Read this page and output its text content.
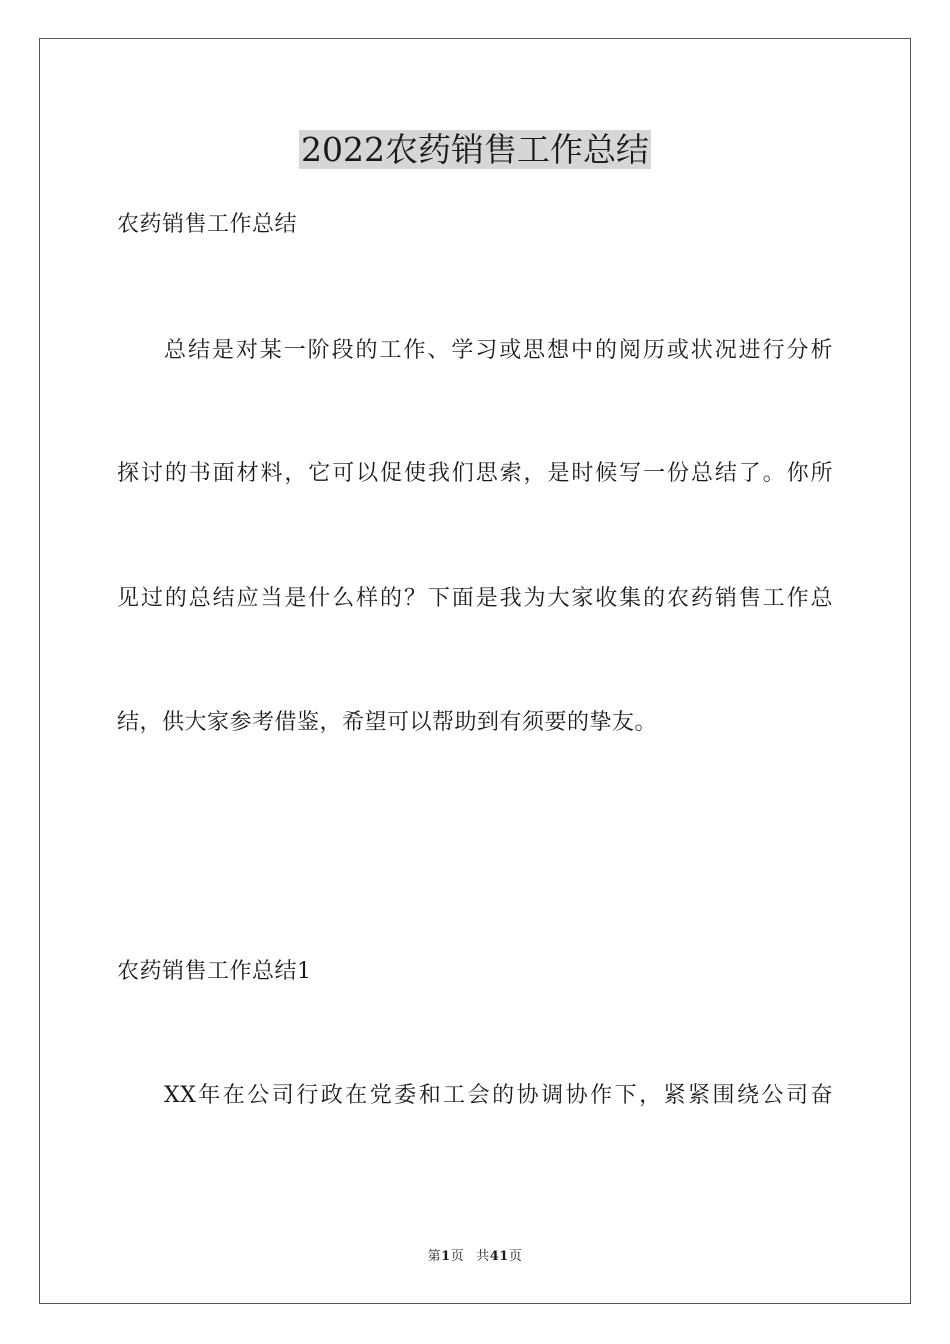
2022农药销售工作总结
农药销售工作总结
总结是对某一阶段的工作、学习或思想中的阅历或状况进行分析
探讨的书面材料，它可以促使我们思索，是时候写一份总结了。你所
见过的总结应当是什么样的？下面是我为大家收集的农药销售工作总
结，供大家参考借鉴，希望可以帮助到有须要的挚友。
农药销售工作总结1
XX年在公司行政在党委和工会的协调协作下，紧紧围绕公司奋
第1页 共41页
